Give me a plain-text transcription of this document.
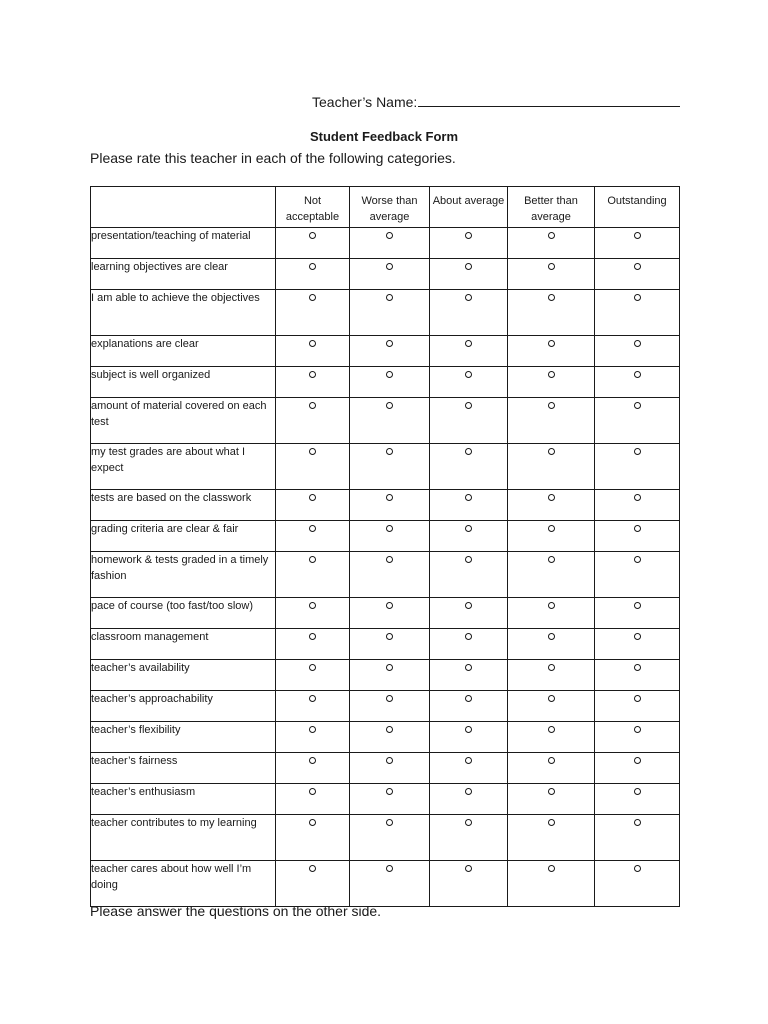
Teacher’s Name:
Student Feedback Form
Please rate this teacher in each of the following categories.
	Not acceptable	Worse than average	About average	Better than average	Outstanding
presentation/teaching of material					
learning objectives are clear					
I am able to achieve the objectives					
explanations are clear					
subject is well organized					
amount of material covered on each test					
my test grades are about what I expect					
tests are based on the classwork					
grading criteria are clear & fair					
homework & tests graded in a timely fashion					
pace of course (too fast/too slow)					
classroom management					
teacher’s availability					
teacher’s approachability					
teacher’s flexibility					
teacher’s fairness					
teacher’s enthusiasm					
teacher contributes to my learning					
teacher cares about how well I’m doing					
Please answer the questions on the other side.
